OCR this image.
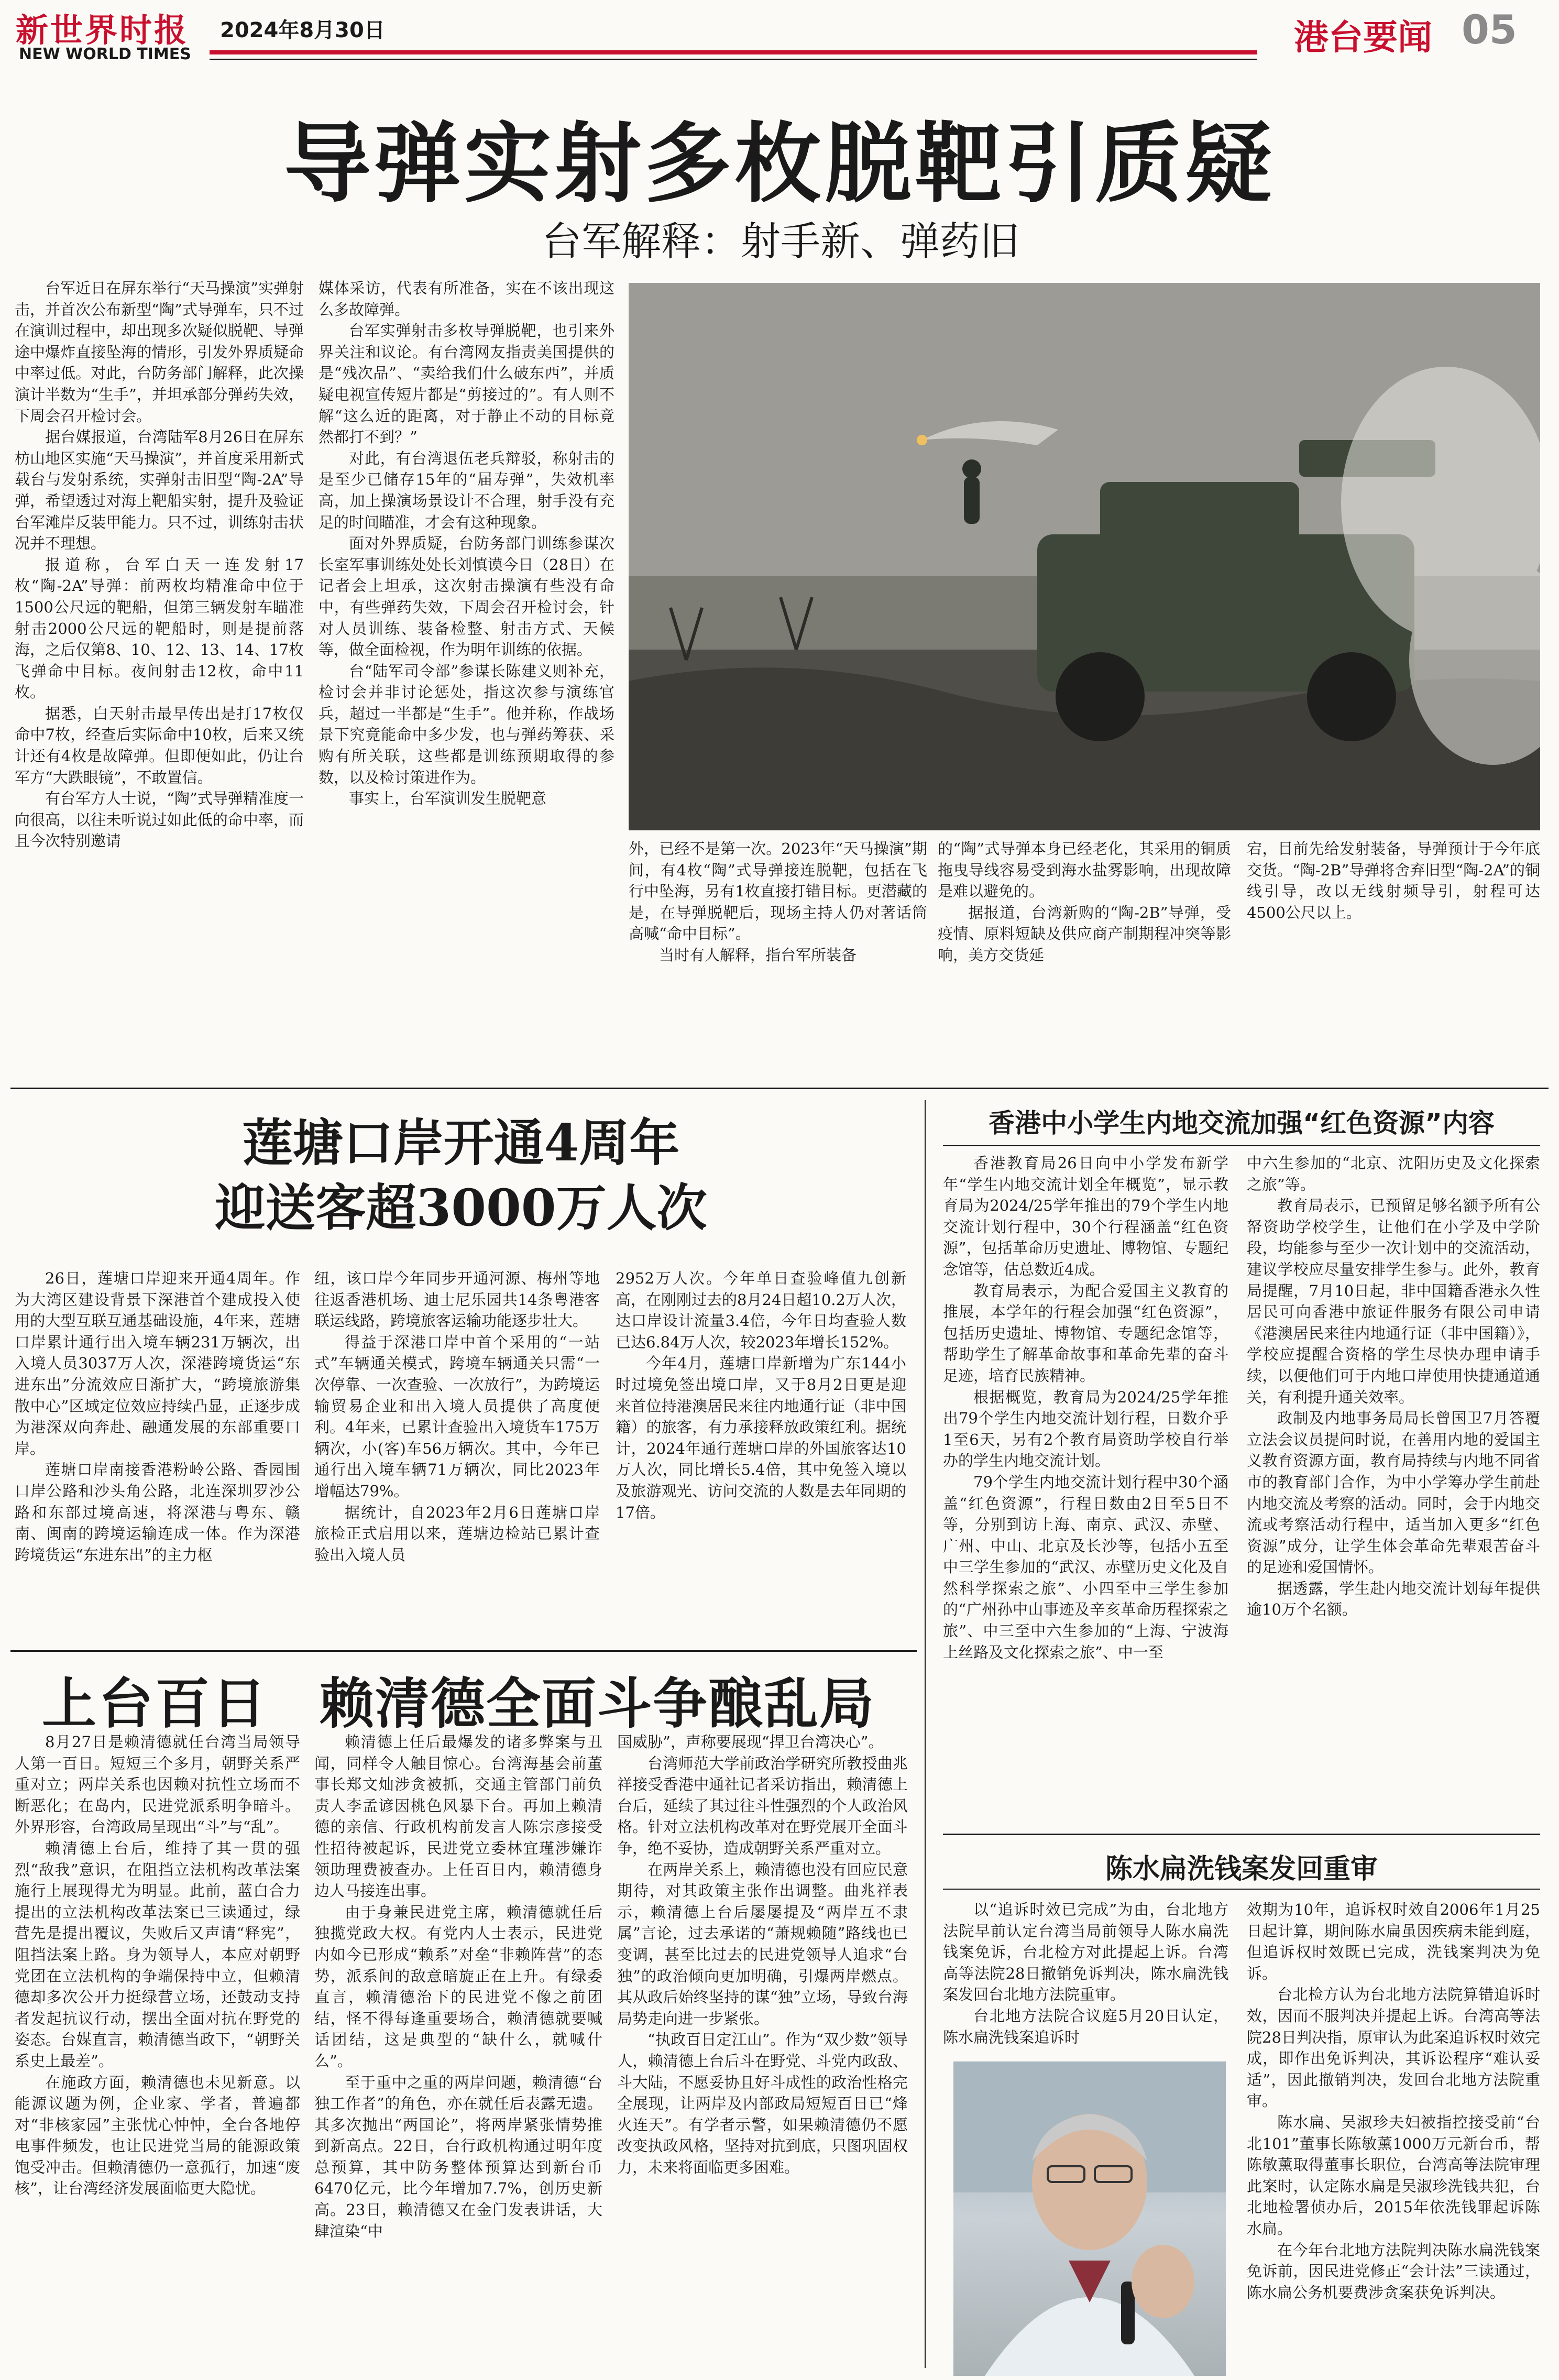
新世界时报 2024年8月30日
NEW WORLD TIMES	港台要闻 05
导弹实射多枚脱靶引质疑
台军解释：射手新、弹药旧

台军近日在屏东举行“天马操演”实弹射击，并首次公布新型“陶”式导弹车，只不过在演训过程中，却出现多次疑似脱靶、导弹途中爆炸直接坠海的情形，引发外界质疑命中率过低。对此，台防务部门解释，此次操演计半数为“生手”，并坦承部分弹药失效，下周会召开检讨会。

据台媒报道，台湾陆军8月26日在屏东枋山地区实施“天马操演”，并首度采用新式载台与发射系统，实弹射击旧型“陶-2A”导弹，希望透过对海上靶船实射，提升及验证台军滩岸反装甲能力。只不过，训练射击状况并不理想。

报道称，台军白天一连发射17枚“陶-2A”导弹：前两枚均精准命中位于1500公尺远的靶船，但第三辆发射车瞄准射击2000公尺远的靶船时，则是提前落海，之后仅第8、10、12、13、14、17枚飞弹命中目标。夜间射击12枚，命中11枚。

据悉，白天射击最早传出是打17枚仅命中7枚，经查后实际命中10枚，后来又统计还有4枚是故障弹。但即便如此，仍让台军方“大跌眼镜”，不敢置信。

有台军方人士说，“陶”式导弹精准度一向很高，以往未听说过如此低的命中率，而且今次特别邀请

媒体采访，代表有所准备，实在不该出现这么多故障弹。

台军实弹射击多枚导弹脱靶，也引来外界关注和议论。有台湾网友指责美国提供的是“残次品”、“卖给我们什么破东西”，并质疑电视宣传短片都是“剪接过的”。有人则不解“这么近的距离，对于静止不动的目标竟然都打不到？”

对此，有台湾退伍老兵辩驳，称射击的是至少已储存15年的“届寿弹”，失效机率高，加上操演场景设计不合理，射手没有充足的时间瞄准，才会有这种现象。

面对外界质疑，台防务部门训练参谋次长室军事训练处处长刘慎谟今日（28日）在记者会上坦承，这次射击操演有些没有命中，有些弹药失效，下周会召开检讨会，针对人员训练、装备检整、射击方式、天候等，做全面检视，作为明年训练的依据。

台“陆军司令部”参谋长陈建义则补充，检讨会并非讨论惩处，指这次参与演练官兵，超过一半都是“生手”。他并称，作战场景下究竟能命中多少发，也与弹药筹获、采购有所关联，这些都是训练预期取得的参数，以及检讨策进作为。

事实上，台军演训发生脱靶意

外，已经不是第一次。2023年“天马操演”期间，有4枚“陶”式导弹接连脱靶，包括在飞行中坠海，另有1枚直接打错目标。更潜藏的是，在导弹脱靶后，现场主持人仍对著话筒高喊“命中目标”。

当时有人解释，指台军所装备

的“陶”式导弹本身已经老化，其采用的铜质拖曳导线容易受到海水盐雾影响，出现故障是难以避免的。

据报道，台湾新购的“陶-2B”导弹，受疫情、原料短缺及供应商产制期程冲突等影响，美方交货延

宕，目前先给发射装备，导弹预计于今年底交货。“陶-2B”导弹将舍弃旧型“陶-2A”的铜线引导，改以无线射频导引，射程可达4500公尺以上。

莲塘口岸开通4周年
迎送客超3000万人次

26日，莲塘口岸迎来开通4周年。作为大湾区建设背景下深港首个建成投入使用的大型互联互通基础设施，4年来，莲塘口岸累计通行出入境车辆231万辆次，出入境人员3037万人次，深港跨境货运“东进东出”分流效应日渐扩大，“跨境旅游集散中心”区域定位效应持续凸显，正逐步成为港深双向奔赴、融通发展的东部重要口岸。

莲塘口岸南接香港粉岭公路、香园围口岸公路和沙头角公路，北连深圳罗沙公路和东部过境高速，将深港与粤东、赣南、闽南的跨境运输连成一体。作为深港跨境货运“东进东出”的主力枢

纽，该口岸今年同步开通河源、梅州等地往返香港机场、迪士尼乐园共14条粤港客联运线路，跨境旅客运输功能逐步壮大。

得益于深港口岸中首个采用的“一站式”车辆通关模式，跨境车辆通关只需“一次停靠、一次查验、一次放行”，为跨境运输贸易企业和出入境人员提供了高度便利。4年来，已累计查验出入境货车175万辆次，小(客)车56万辆次。其中，今年已通行出入境车辆71万辆次，同比2023年增幅达79%。

据统计，自2023年2月6日莲塘口岸旅检正式启用以来，莲塘边检站已累计查验出入境人员

2952万人次。今年单日查验峰值九创新高，在刚刚过去的8月24日超10.2万人次，达口岸设计流量3.4倍，今年日均查验人数已达6.84万人次，较2023年增长152%。

今年4月，莲塘口岸新增为广东144小时过境免签出境口岸，又于8月2日更是迎来首位持港澳居民来往内地通行证（非中国籍）的旅客，有力承接释放政策红利。据统计，2024年通行莲塘口岸的外国旅客达10万人次，同比增长5.4倍，其中免签入境以及旅游观光、访问交流的人数是去年同期的17倍。

香港中小学生内地交流加强“红色资源”内容

香港教育局26日向中小学发布新学年“学生内地交流计划全年概览”，显示教育局为2024/25学年推出的79个学生内地交流计划行程中，30个行程涵盖“红色资源”，包括革命历史遗址、博物馆、专题纪念馆等，估总数近4成。

教育局表示，为配合爱国主义教育的推展，本学年的行程会加强“红色资源”，包括历史遗址、博物馆、专题纪念馆等，帮助学生了解革命故事和革命先辈的奋斗足迹，培育民族精神。

根据概览，教育局为2024/25学年推出79个学生内地交流计划行程，日数介乎1至6天，另有2个教育局资助学校自行举办的学生内地交流计划。

79个学生内地交流计划行程中30个涵盖“红色资源”，行程日数由2日至5日不等，分别到访上海、南京、武汉、赤壁、广州、中山、北京及长沙等，包括小五至中三学生参加的“武汉、赤壁历史文化及自然科学探索之旅”、小四至中三学生参加的“广州孙中山事迹及辛亥革命历程探索之旅”、中三至中六生参加的“上海、宁波海上丝路及文化探索之旅”、中一至

中六生参加的“北京、沈阳历史及文化探索之旅”等。

教育局表示，已预留足够名额予所有公帑资助学校学生，让他们在小学及中学阶段，均能参与至少一次计划中的交流活动，建议学校应尽量安排学生参与。此外，教育局提醒，7月10日起，非中国籍香港永久性居民可向香港中旅证件服务有限公司申请《港澳居民来往内地通行证（非中国籍）》，学校应提醒合资格的学生尽快办理申请手续，以便他们可于内地口岸使用快捷通道通关，有利提升通关效率。

政制及内地事务局局长曾国卫7月答覆立法会议员提问时说，在善用内地的爱国主义教育资源方面，教育局持续与内地不同省市的教育部门合作，为中小学筹办学生前赴内地交流及考察的活动。同时，会于内地交流或考察活动行程中，适当加入更多“红色资源”成分，让学生体会革命先辈艰苦奋斗的足迹和爱国情怀。

据透露，学生赴内地交流计划每年提供逾10万个名额。

上台百日 赖清德全面斗争酿乱局

8月27日是赖清德就任台湾当局领导人第一百日。短短三个多月，朝野关系严重对立；两岸关系也因赖对抗性立场而不断恶化；在岛内，民进党派系明争暗斗。外界形容，台湾政局呈现出“斗”与“乱”。

赖清德上台后，维持了其一贯的强烈“敌我”意识，在阻挡立法机构改革法案施行上展现得尤为明显。此前，蓝白合力提出的立法机构改革法案已三读通过，绿营先是提出覆议，失败后又声请“释宪”，阻挡法案上路。身为领导人，本应对朝野党团在立法机构的争端保持中立，但赖清德却多次公开力挺绿营立场，还鼓动支持者发起抗议行动，摆出全面对抗在野党的姿态。台媒直言，赖清德当政下，“朝野关系史上最差”。

在施政方面，赖清德也未见新意。以能源议题为例，企业家、学者，普遍都对“非核家园”主张忧心忡忡，全台各地停电事件频发，也让民进党当局的能源政策饱受冲击。但赖清德仍一意孤行，加速“废核”，让台湾经济发展面临更大隐忧。

赖清德上任后最爆发的诸多弊案与丑闻，同样令人触目惊心。台湾海基会前董事长郑文灿涉贪被抓，交通主管部门前负责人李孟谚因桃色风暴下台。再加上赖清德的亲信、行政机构前发言人陈宗彦接受性招待被起诉，民进党立委林宜瑾涉嫌诈领助理费被查办。上任百日内，赖清德身边人马接连出事。

由于身兼民进党主席，赖清德就任后独揽党政大权。有党内人士表示，民进党内如今已形成“赖系”对垒“非赖阵营”的态势，派系间的敌意暗旋正在上升。有绿委直言，赖清德治下的民进党不像之前团结，怪不得每逢重要场合，赖清德就要喊话团结，这是典型的“缺什么，就喊什么”。

至于重中之重的两岸问题，赖清德“台独工作者”的角色，亦在就任后表露无遗。其多次抛出“两国论”，将两岸紧张情势推到新高点。22日，台行政机构通过明年度总预算，其中防务整体预算达到新台币6470亿元，比今年增加7.7%，创历史新高。23日，赖清德又在金门发表讲话，大肆渲染“中

国威胁”，声称要展现“捍卫台湾决心”。

台湾师范大学前政治学研究所教授曲兆祥接受香港中通社记者采访指出，赖清德上台后，延续了其过往斗性强烈的个人政治风格。针对立法机构改革对在野党展开全面斗争，绝不妥协，造成朝野关系严重对立。

在两岸关系上，赖清德也没有回应民意期待，对其政策主张作出调整。曲兆祥表示，赖清德上台后屡屡提及“两岸互不隶属”言论，过去承诺的“萧规赖随”路线也已变调，甚至比过去的民进党领导人追求“台独”的政治倾向更加明确，引爆两岸燃点。其从政后始终坚持的谋“独”立场，导致台海局势走向进一步紧张。

“执政百日定江山”。作为“双少数”领导人，赖清德上台后斗在野党、斗党内政敌、斗大陆，不愿妥协且好斗成性的政治性格完全展现，让两岸及内部政局短短百日已“烽火连天”。有学者示警，如果赖清德仍不愿改变执政风格，坚持对抗到底，只图巩固权力，未来将面临更多困难。

陈水扁洗钱案发回重审

以“追诉时效已完成”为由，台北地方法院早前认定台湾当局前领导人陈水扁洗钱案免诉，台北检方对此提起上诉。台湾高等法院28日撤销免诉判决，陈水扁洗钱案发回台北地方法院重审。

台北地方法院合议庭5月20日认定，陈水扁洗钱案追诉时

效期为10年，追诉权时效自2006年1月25日起计算，期间陈水扁虽因疾病未能到庭，但追诉权时效既已完成，洗钱案判决为免诉。

台北检方认为台北地方法院算错追诉时效，因而不服判决并提起上诉。台湾高等法院28日判决指，原审认为此案追诉权时效完成，即作出免诉判决，其诉讼程序“难认妥适”，因此撤销判决，发回台北地方法院重审。

陈水扁、吴淑珍夫妇被指控接受前“台北101”董事长陈敏薰1000万元新台币，帮陈敏薰取得董事长职位，台湾高等法院审理此案时，认定陈水扁是吴淑珍洗钱共犯，台北地检署侦办后，2015年依洗钱罪起诉陈水扁。

在今年台北地方法院判决陈水扁洗钱案免诉前，因民进党修正“会计法”三读通过，陈水扁公务机要费涉贪案获免诉判决。
